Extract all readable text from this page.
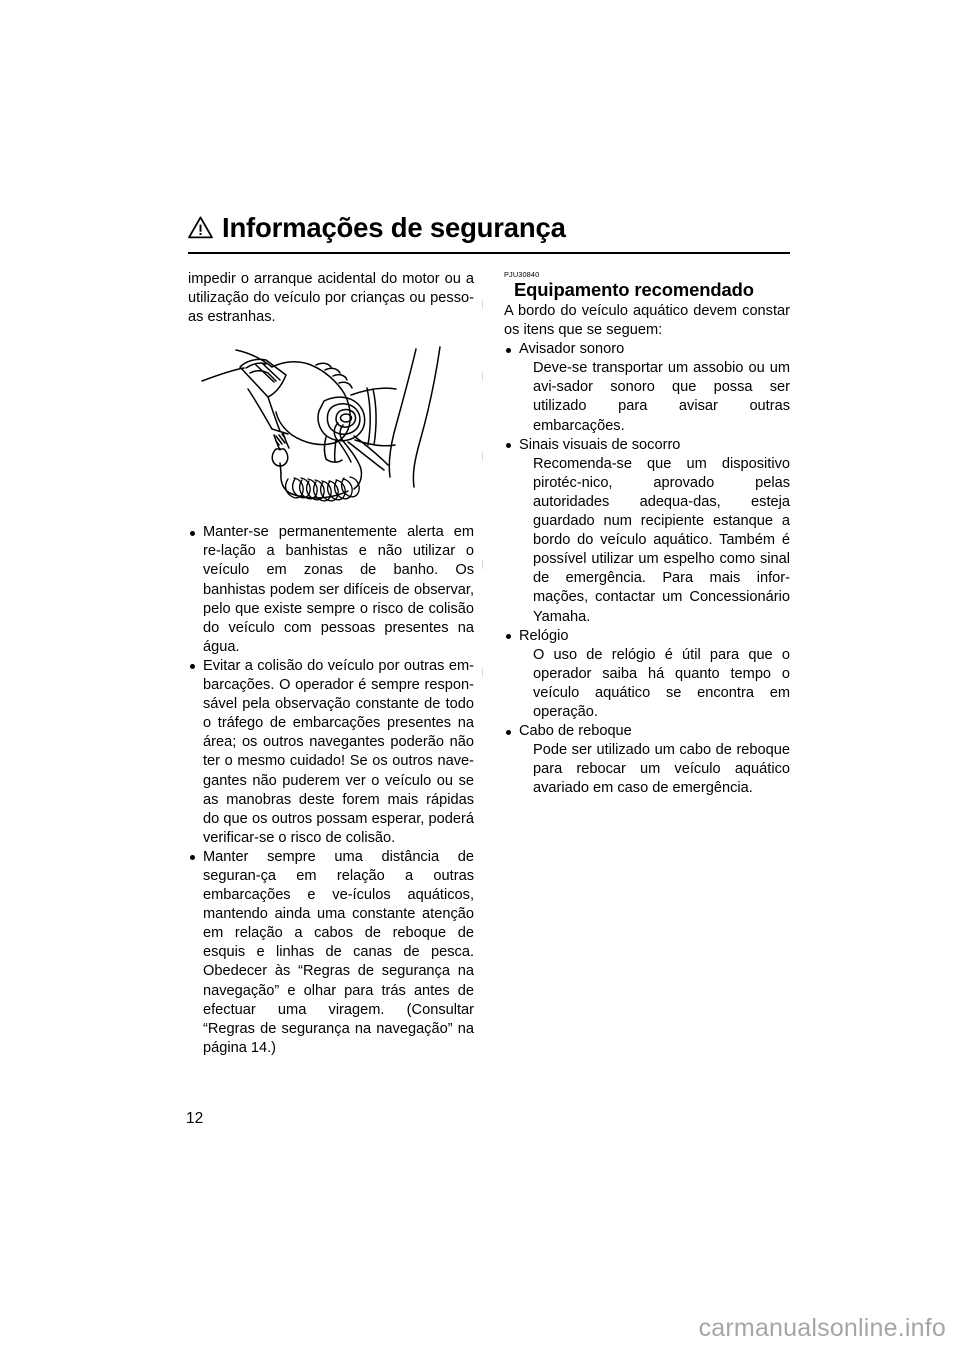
Informações de segurança

impedir o arranque acidental do motor ou a utilização do veículo por crianças ou pesso-as estranhas.

Manter-se permanentemente alerta em re-lação a banhistas e não utilizar o veículo em zonas de banho. Os banhistas podem ser difíceis de observar, pelo que existe sempre o risco de colisão do veículo com pessoas presentes na água.

Evitar a colisão do veículo por outras em-barcações. O operador é sempre respon-sável pela observação constante de todo o tráfego de embarcações presentes na área; os outros navegantes poderão não ter o mesmo cuidado! Se os outros nave-gantes não puderem ver o veículo ou se as manobras deste forem mais rápidas do que os outros possam esperar, poderá verificar-se o risco de colisão.

Manter sempre uma distância de seguran-ça em relação a outras embarcações e ve-ículos aquáticos, mantendo ainda uma constante atenção em relação a cabos de reboque de esquis e linhas de canas de pesca. Obedecer às “Regras de segurança na navegação” e olhar para trás antes de efectuar uma viragem. (Consultar “Regras de segurança na navegação” na página 14.)

PJU30840
Equipamento recomendado

A bordo do veículo aquático devem constar os itens que se seguem:

Avisador sonoro

Deve-se transportar um assobio ou um avi-sador sonoro que possa ser utilizado para avisar outras embarcações.

Sinais visuais de socorro

Recomenda-se que um dispositivo pirotéc-nico, aprovado pelas autoridades adequa-das, esteja guardado num recipiente estanque a bordo do veículo aquático. Também é possível utilizar um espelho como sinal de emergência. Para mais infor-mações, contactar um Concessionário Yamaha.

Relógio

O uso de relógio é útil para que o operador saiba há quanto tempo o veículo aquático se encontra em operação.

Cabo de reboque

Pode ser utilizado um cabo de reboque para rebocar um veículo aquático avariado em caso de emergência.

12
carmanualsonline.info
